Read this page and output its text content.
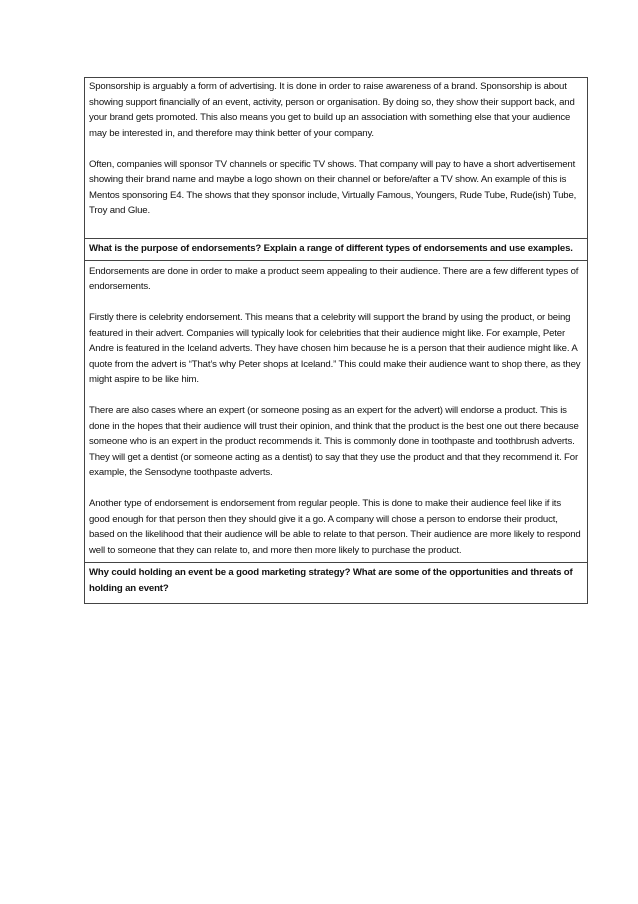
Sponsorship is arguably a form of advertising. It is done in order to raise awareness of a brand. Sponsorship is about showing support financially of an event, activity, person or organisation. By doing so, they show their support back, and your brand gets promoted. This also means you get to build up an association with something else that your audience may be interested in, and therefore may think better of your company.

Often, companies will sponsor TV channels or specific TV shows. That company will pay to have a short advertisement showing their brand name and maybe a logo shown on their channel or before/after a TV show. An example of this is Mentos sponsoring E4. The shows that they sponsor include, Virtually Famous, Youngers, Rude Tube, Rude(ish) Tube, Troy and Glue.

What is the purpose of endorsements? Explain a range of different types of endorsements and use examples.

Endorsements are done in order to make a product seem appealing to their audience. There are a few different types of endorsements.

Firstly there is celebrity endorsement. This means that a celebrity will support the brand by using the product, or being featured in their advert. Companies will typically look for celebrities that their audience might like. For example, Peter Andre is featured in the Iceland adverts. They have chosen him because he is a person that their audience might like. A quote from the advert is “That’s why Peter shops at Iceland.” This could make their audience want to shop there, as they might aspire to be like him.

There are also cases where an expert (or someone posing as an expert for the advert) will endorse a product. This is done in the hopes that their audience will trust their opinion, and think that the product is the best one out there because someone who is an expert in the product recommends it. This is commonly done in toothpaste and toothbrush adverts. They will get a dentist (or someone acting as a dentist) to say that they use the product and that they recommend it. For example, the Sensodyne toothpaste adverts.

Another type of endorsement is endorsement from regular people. This is done to make their audience feel like if its good enough for that person then they should give it a go. A company will chose a person to endorse their product, based on the likelihood that their audience will be able to relate to that person. Their audience are more likely to respond well to someone that they can relate to, and more then more likely to purchase the product.

Why could holding an event be a good marketing strategy? What are some of the opportunities and threats of holding an event?
